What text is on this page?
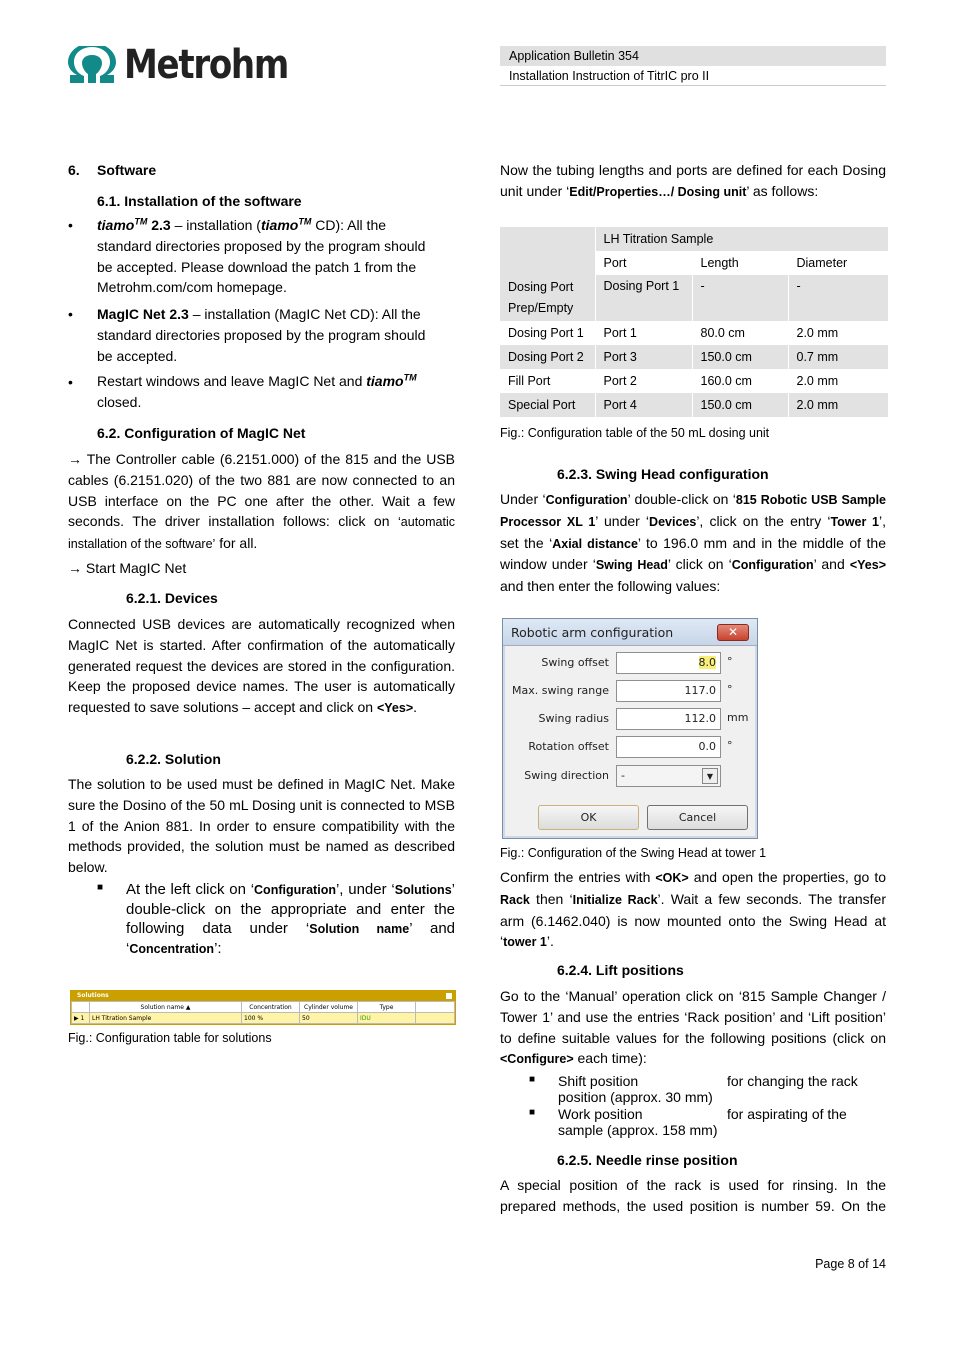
Metrohm	Application Bulletin 354
Installation Instruction of TitrIC pro II
6. Software
6.1. Installation of the software
• tiamo™ 2.3 – installation (tiamo™ CD): All the standard directories proposed by the program should be accepted. Please download the patch 1 from the Metrohm.com/com homepage.
• MagIC Net 2.3 – installation (MagIC Net CD): All the standard directories proposed by the program should be accepted.
• Restart windows and leave MagIC Net and tiamo™ closed.
6.2. Configuration of MagIC Net
→ The Controller cable (6.2151.000) of the 815 and the USB cables (6.2151.020) of the two 881 are now connected to an USB interface on the PC one after the other. Wait a few seconds. The driver installation follows: click on ‘automatic installation of the software’ for all.
→ Start MagIC Net
6.2.1. Devices
Connected USB devices are automatically recognized when MagIC Net is started. After confirmation of the automatically generated request the devices are stored in the configuration. Keep the proposed device names. The user is automatically requested to save solutions – accept and click on <Yes>.
6.2.2. Solution
The solution to be used must be defined in MagIC Net. Make sure the Dosino of the 50 mL Dosing unit is connected to MSB 1 of the Anion 881. In order to ensure compatibility with the methods provided, the solution must be named as described below.
■ At the left click on ‘Configuration’, under ‘Solutions’ double-click on the appropriate and enter the following data under ‘Solution name’ and ‘Concentration’:
Solutions
	Solution name ▲	Concentration	Cylinder volume	Type	
▶ 1	LH Titration Sample	100 %	50	IDU	
Fig.: Configuration table for solutions
Now the tubing lengths and ports are defined for each Dosing unit under ‘Edit/Properties…/ Dosing unit’ as follows:
	LH Titration Sample		
	Port	Length	Diameter
Dosing Port Prep/Empty	Dosing Port 1	-	-
Dosing Port 1	Port 1	80.0 cm	2.0 mm
Dosing Port 2	Port 3	150.0 cm	0.7 mm
Fill Port	Port 2	160.0 cm	2.0 mm
Special Port	Port 4	150.0 cm	2.0 mm
Fig.: Configuration table of the 50 mL dosing unit
6.2.3. Swing Head configuration
Under ‘Configuration’ double-click on ‘815 Robotic USB Sample Processor XL 1’ under ‘Devices’, click on the entry ‘Tower 1’, set the ‘Axial distance’ to 196.0 mm and in the middle of the window under ‘Swing Head’ click on ‘Configuration’ and <Yes> and then enter the following values:
Robotic arm configuration	✕
Swing offset	8.0	°
Max. swing range	117.0	°
Swing radius	112.0	mm
Rotation offset	0.0	°
Swing direction	-	▼
OK	Cancel
Fig.: Configuration of the Swing Head at tower 1
Confirm the entries with <OK> and open the properties, go to Rack then ‘Initialize Rack’. Wait a few seconds. The transfer arm (6.1462.040) is now mounted onto the Swing Head at ‘tower 1’.
6.2.4. Lift positions
Go to the ‘Manual’ operation click on ‘815 Sample Changer / Tower 1’ and use the entries ‘Rack position’ and ‘Lift position’ to define suitable values for the following positions (click on <Configure> each time):
■ Shift position
position (approx. 30 mm)
for changing the rack
■ Work position
sample (approx. 158 mm)
for aspirating of the
6.2.5. Needle rinse position
A special position of the rack is used for rinsing. In the prepared methods, the used position is number 59. On the
Page 8 of 14
